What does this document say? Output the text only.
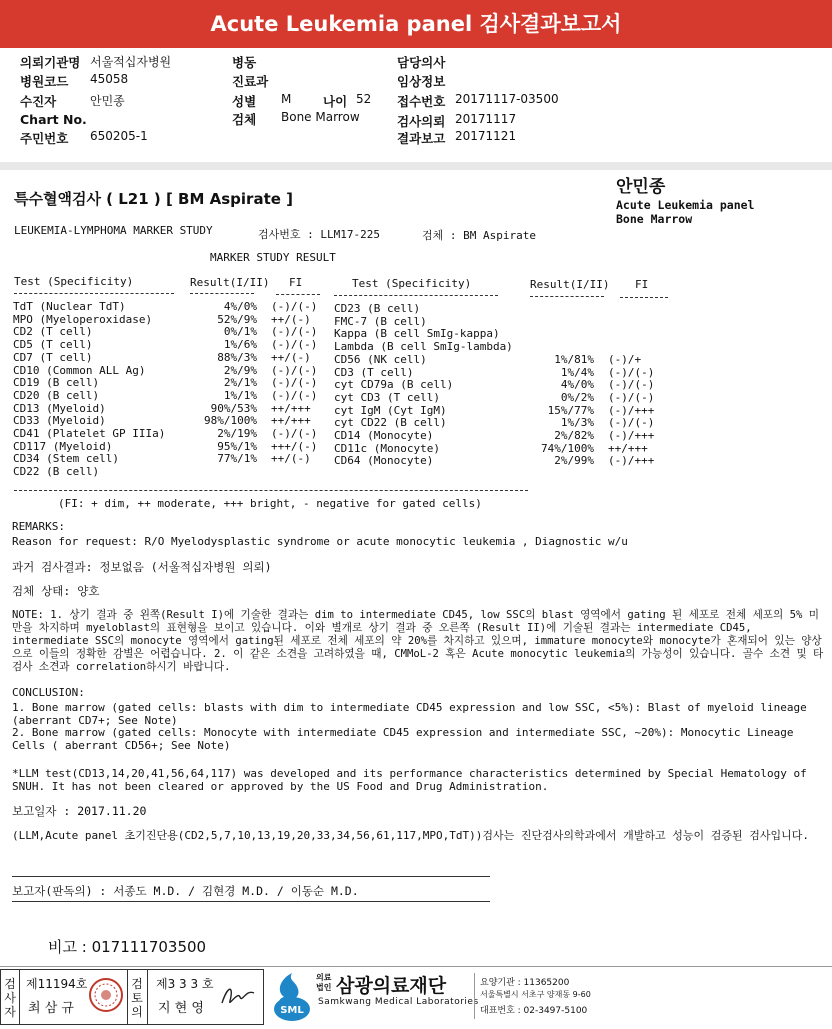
Acute Leukemia panel 검사결과보고서
의뢰기관명 서울적십자병원
병원코드 45058
수진자	안민종
Chart No.
주민번호 650205-1
병동
진료과
성별 M	나이 52
검체 Bone Marrow
담당의사
임상정보
접수번호 20171117-03500
검사의뢰 20171117
결과보고 20171121
특수혈액검사 ( L21 ) [ BM Aspirate ]
안민종
Acute Leukemia panel
Bone Marrow
LEUKEMIA-LYMPHOMA MARKER STUDY	검사번호 : LLM17-225	검체 : BM Aspirate
MARKER STUDY RESULT
Test (Specificity)	Result(I/II) FI	Test (Specificity)	Result(I/II) FI
TdT (Nuclear TdT)	4%/0%	(-)/(-)
MPO (Myeloperoxidase)	52%/9%	++/(-)
CD2 (T cell)	0%/1%	(-)/(-)
CD5 (T cell)	1%/6%	(-)/(-)
CD7 (T cell)	88%/3%	++/(-)
CD10 (Common ALL Ag)	2%/9%	(-)/(-)
CD19 (B cell)	2%/1%	(-)/(-)
CD20 (B cell)	1%/1%	(-)/(-)
CD13 (Myeloid)	90%/53%	++/+++
CD33 (Myeloid)	98%/100%	++/+++
CD41 (Platelet GP IIIa)	2%/19%	(-)/(-)
CD117 (Myeloid)	95%/1%	+++/(-)
CD34 (Stem cell)	77%/1%	++/(-)
CD22 (B cell)		
CD23 (B cell)		
FMC-7 (B cell)		
Kappa (B cell SmIg-kappa)		
Lambda (B cell SmIg-lambda)		
CD56 (NK cell)	1%/81%	(-)/+
CD3 (T cell)	1%/4%	(-)/(-)
cyt CD79a (B cell)	4%/0%	(-)/(-)
cyt CD3 (T cell)	0%/2%	(-)/(-)
cyt IgM (Cyt IgM)	15%/77%	(-)/+++
cyt CD22 (B cell)	1%/3%	(-)/(-)
CD14 (Monocyte)	2%/82%	(-)/+++
CD11c (Monocyte)	74%/100%	++/+++
CD64 (Monocyte)	2%/99%	(-)/+++
(FI: + dim, ++ moderate, +++ bright, - negative for gated cells)
REMARKS:
Reason for request: R/O Myelodysplastic syndrome or acute monocytic leukemia , Diagnostic w/u
과거 검사결과: 정보없음 (서울적십자병원 의뢰)
검체 상태: 양호
NOTE: 1. 상기 결과 중 왼쪽(Result I)에 기술한 결과는 dim to intermediate CD45, low SSC의 blast 영역에서 gating 된 세포로 전체 세포의 5% 미만을 차지하며 myeloblast의 표현형을 보이고 있습니다. 이와 별개로 상기 결과 중 오른쪽 (Result II)에 기술된 결과는 intermediate CD45, intermediate SSC의 monocyte 영역에서 gating된 세포로 전체 세포의 약 20%를 차지하고 있으며, immature monocyte와 monocyte가 혼재되어 있는 양상으로 이들의 정확한 감별은 어렵습니다. 2. 이 같은 소견을 고려하였을 때, CMMoL-2 혹은 Acute monocytic leukemia의 가능성이 있습니다. 골수 소견 및 타 검사 소견과 correlation하시기 바랍니다.
CONCLUSION:
1. Bone marrow (gated cells: blasts with dim to intermediate CD45 expression and low SSC, <5%): Blast of myeloid lineage (aberrant CD7+; See Note)
2. Bone marrow (gated cells: Monocyte with intermediate CD45 expression and intermediate SSC, ~20%): Monocytic Lineage Cells ( aberrant CD56+; See Note)
*LLM test(CD13,14,20,41,56,64,117) was developed and its performance characteristics determined by Special Hematology of SNUH. It has not been cleared or approved by the US Food and Drug Administration.
보고일자 : 2017.11.20
(LLM,Acute panel 초기진단용(CD2,5,7,10,13,19,20,33,34,56,61,117,MPO,TdT))검사는 진단검사의학과에서 개발하고 성능이 검증된 검사입니다.
보고자(판독의) : 서종도 M.D. / 김현경 M.D. / 이동순 M.D.
비고 : 017111703500
검사자
제11194호
최 삼 규
검토의
제3 3 3 호
지 현 영	SML
의료
법인 삼광의료재단
Samkwang Medical Laboratories
요양기관 : 11365200
서울특별시 서초구 양재동 9-60
대표번호 : 02-3497-5100
